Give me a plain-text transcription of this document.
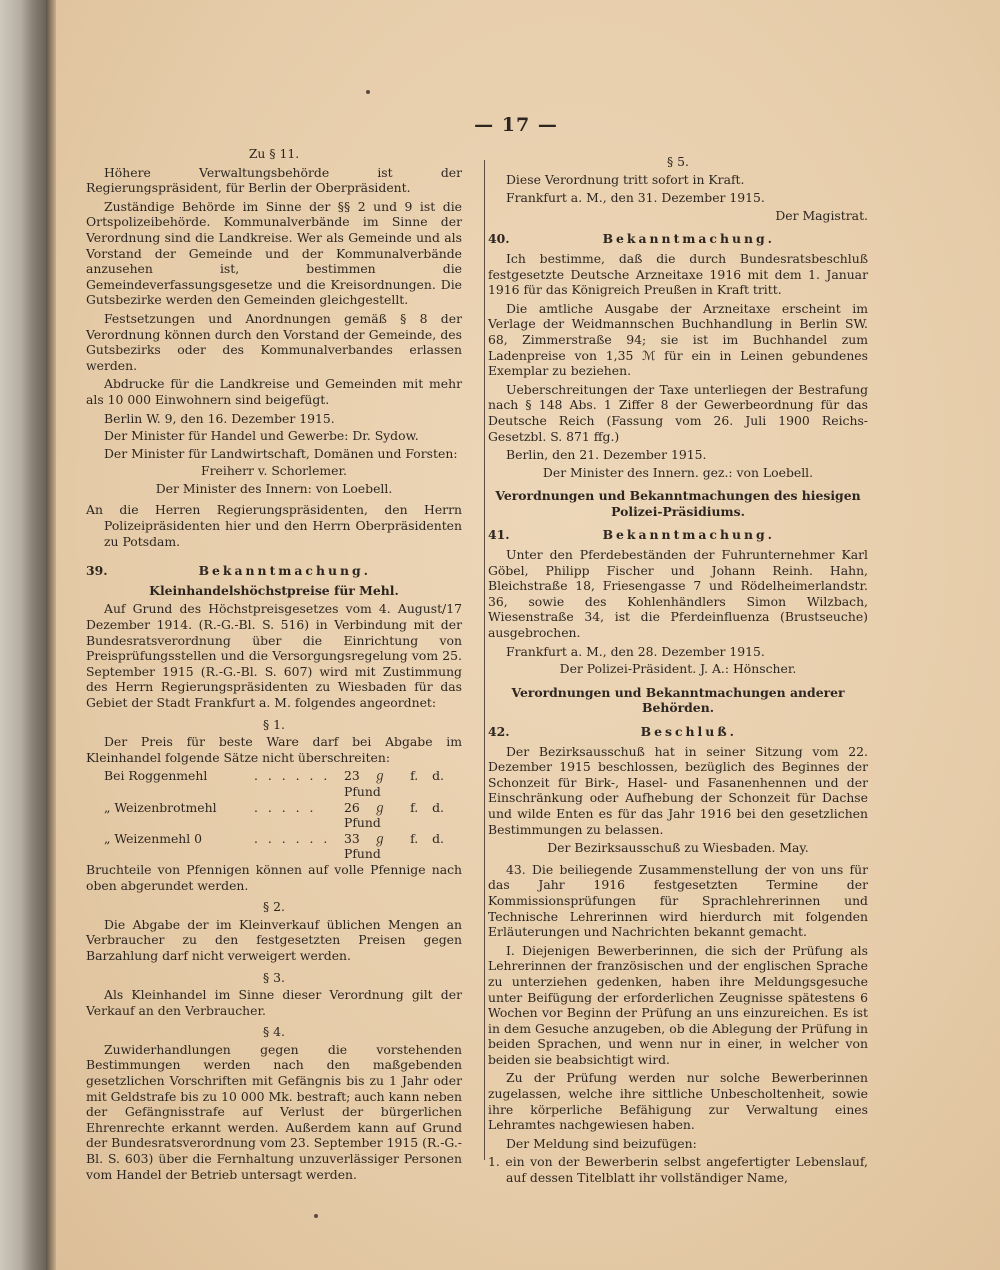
— 17 —

Zu § 11.

Höhere Verwaltungsbehörde ist der Regierungspräsident, für Berlin der Oberpräsident.

Zuständige Behörde im Sinne der §§ 2 und 9 ist die Ortspolizeibehörde. Kommunalverbände im Sinne der Verordnung sind die Landkreise. Wer als Gemeinde und als Vorstand der Gemeinde und der Kommunalverbände anzusehen ist, bestimmen die Gemeindeverfassungsgesetze und die Kreisordnungen. Die Gutsbezirke werden den Gemeinden gleichgestellt.

Festsetzungen und Anordnungen gemäß § 8 der Verordnung können durch den Vorstand der Gemeinde, des Gutsbezirks oder des Kommunalverbandes erlassen werden.

Abdrucke für die Landkreise und Gemeinden mit mehr als 10 000 Einwohnern sind beigefügt.

Berlin W. 9, den 16. Dezember 1915.

Der Minister für Handel und Gewerbe: Dr. Sydow.

Der Minister für Landwirtschaft, Domänen und Forsten:

Freiherr v. Schorlemer.

Der Minister des Innern: von Loebell.

An die Herren Regierungspräsidenten, den Herrn Polizeipräsidenten hier und den Herrn Oberpräsidenten zu Potsdam.

39.	Bekanntmachung.

Kleinhandelshöchstpreise für Mehl.

Auf Grund des Höchstpreisgesetzes vom 4. August/17 Dezember 1914. (R.-G.-Bl. S. 516) in Verbindung mit der Bundesratsverordnung über die Einrichtung von Preisprüfungsstellen und die Versorgungsregelung vom 25. September 1915 (R.-G.-Bl. S. 607) wird mit Zustimmung des Herrn Regierungspräsidenten zu Wiesbaden für das Gebiet der Stadt Frankfurt a. M. folgendes angeordnet:

§ 1.

Der Preis für beste Ware darf bei Abgabe im Kleinhandel folgende Sätze nicht überschreiten:

Bei Roggenmehl	. . . . . .	23 ℊ f. d. Pfund
„ Weizenbrotmehl	. . . . .	26 ℊ f. d. Pfund
„ Weizenmehl 0	. . . . . .	33 ℊ f. d. Pfund

Bruchteile von Pfennigen können auf volle Pfennige nach oben abgerundet werden.

§ 2.

Die Abgabe der im Kleinverkauf üblichen Mengen an Verbraucher zu den festgesetzten Preisen gegen Barzahlung darf nicht verweigert werden.

§ 3.

Als Kleinhandel im Sinne dieser Verordnung gilt der Verkauf an den Verbraucher.

§ 4.

Zuwiderhandlungen gegen die vorstehenden Bestimmungen werden nach den maßgebenden gesetzlichen Vorschriften mit Gefängnis bis zu 1 Jahr oder mit Geldstrafe bis zu 10 000 Mk. bestraft; auch kann neben der Gefängnisstrafe auf Verlust der bürgerlichen Ehrenrechte erkannt werden. Außerdem kann auf Grund der Bundesratsverordnung vom 23. September 1915 (R.-G.-Bl. S. 603) über die Fernhaltung unzuverlässiger Personen vom Handel der Betrieb untersagt werden.

§ 5.

Diese Verordnung tritt sofort in Kraft.

Frankfurt a. M., den 31. Dezember 1915.

Der Magistrat.

40.	Bekanntmachung.

Ich bestimme, daß die durch Bundesratsbeschluß festgesetzte Deutsche Arzneitaxe 1916 mit dem 1. Januar 1916 für das Königreich Preußen in Kraft tritt.

Die amtliche Ausgabe der Arzneitaxe erscheint im Verlage der Weidmannschen Buchhandlung in Berlin SW. 68, Zimmerstraße 94; sie ist im Buchhandel zum Ladenpreise von 1,35 ℳ für ein in Leinen gebundenes Exemplar zu beziehen.

Ueberschreitungen der Taxe unterliegen der Bestrafung nach § 148 Abs. 1 Ziffer 8 der Gewerbeordnung für das Deutsche Reich (Fassung vom 26. Juli 1900 Reichs-Gesetzbl. S. 871 ffg.)

Berlin, den 21. Dezember 1915.

Der Minister des Innern. gez.: von Loebell.

Verordnungen und Bekanntmachungen des hiesigen Polizei-Präsidiums.

41.	Bekanntmachung.

Unter den Pferdebeständen der Fuhrunternehmer Karl Göbel, Philipp Fischer und Johann Reinh. Hahn, Bleichstraße 18, Friesengasse 7 und Rödelheimerlandstr. 36, sowie des Kohlenhändlers Simon Wilzbach, Wiesenstraße 34, ist die Pferdeinfluenza (Brustseuche) ausgebrochen.

Frankfurt a. M., den 28. Dezember 1915.

Der Polizei-Präsident. J. A.: Hönscher.

Verordnungen und Bekanntmachungen anderer Behörden.

42.	Beschluß.

Der Bezirksausschuß hat in seiner Sitzung vom 22. Dezember 1915 beschlossen, bezüglich des Beginnes der Schonzeit für Birk-, Hasel- und Fasanenhennen und der Einschränkung oder Aufhebung der Schonzeit für Dachse und wilde Enten es für das Jahr 1916 bei den gesetzlichen Bestimmungen zu belassen.

Der Bezirksausschuß zu Wiesbaden. May.

43. Die beiliegende Zusammenstellung der von uns für das Jahr 1916 festgesetzten Termine der Kommissionsprüfungen für Sprachlehrerinnen und Technische Lehrerinnen wird hierdurch mit folgenden Erläuterungen und Nachrichten bekannt gemacht.

I. Diejenigen Bewerberinnen, die sich der Prüfung als Lehrerinnen der französischen und der englischen Sprache zu unterziehen gedenken, haben ihre Meldungsgesuche unter Beifügung der erforderlichen Zeugnisse spätestens 6 Wochen vor Beginn der Prüfung an uns einzureichen. Es ist in dem Gesuche anzugeben, ob die Ablegung der Prüfung in beiden Sprachen, und wenn nur in einer, in welcher von beiden sie beabsichtigt wird.

Zu der Prüfung werden nur solche Bewerberinnen zugelassen, welche ihre sittliche Unbescholtenheit, sowie ihre körperliche Befähigung zur Verwaltung eines Lehramtes nachgewiesen haben.

Der Meldung sind beizufügen:

1. ein von der Bewerberin selbst angefertigter Lebenslauf, auf dessen Titelblatt ihr vollständiger Name,
